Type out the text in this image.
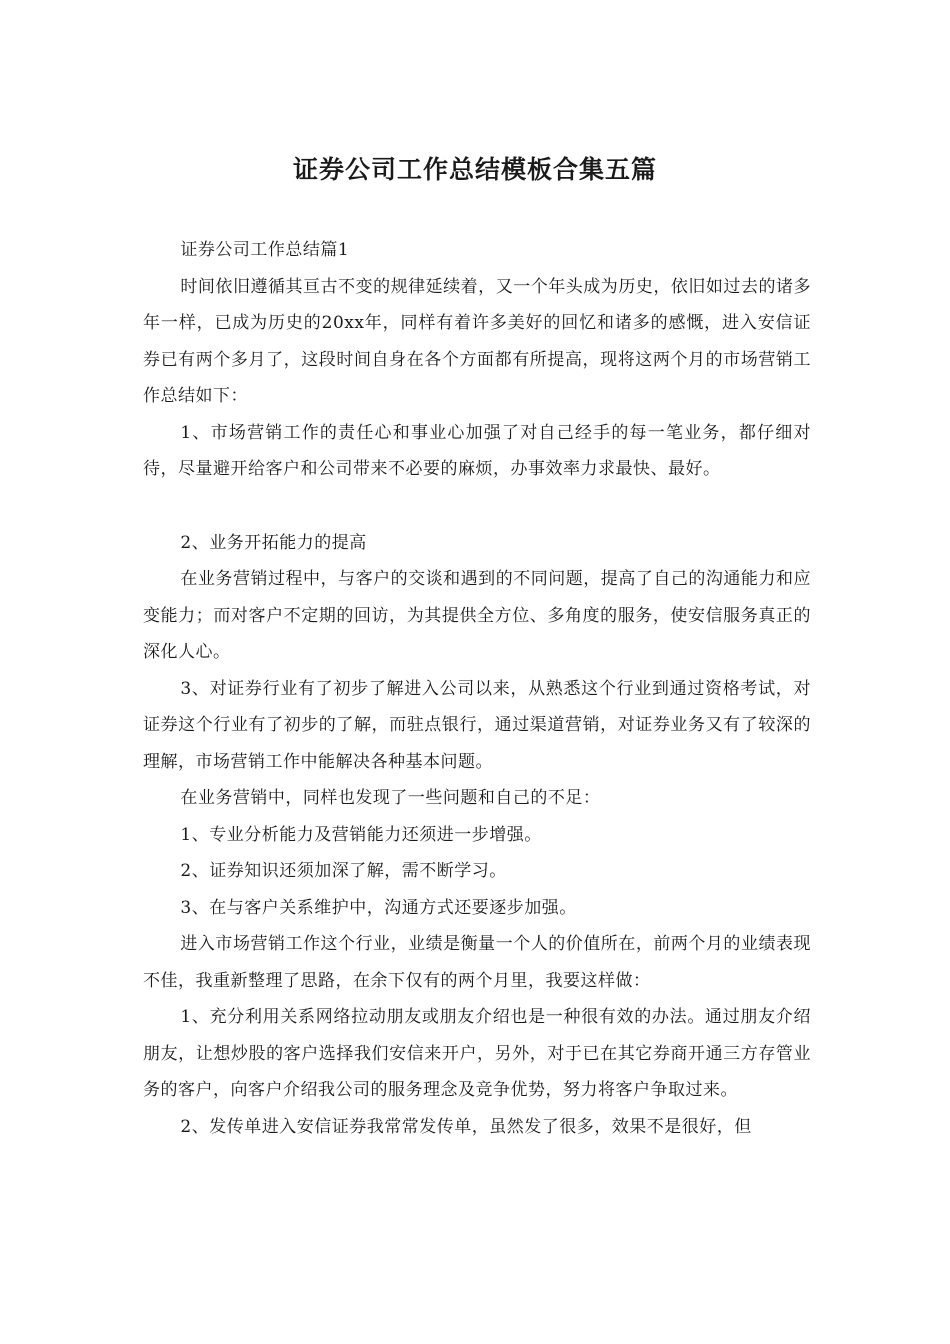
证券公司工作总结模板合集五篇

证券公司工作总结篇1

时间依旧遵循其亘古不变的规律延续着，又一个年头成为历史，依旧如过去的诸多年一样，已成为历史的20xx年，同样有着许多美好的回忆和诸多的感慨，进入安信证券已有两个多月了，这段时间自身在各个方面都有所提高，现将这两个月的市场营销工作总结如下：

1、市场营销工作的责任心和事业心加强了对自己经手的每一笔业务，都仔细对待，尽量避开给客户和公司带来不必要的麻烦，办事效率力求最快、最好。

2、业务开拓能力的提高

在业务营销过程中，与客户的交谈和遇到的不同问题，提高了自己的沟通能力和应变能力；而对客户不定期的回访，为其提供全方位、多角度的服务，使安信服务真正的深化人心。

3、对证券行业有了初步了解进入公司以来，从熟悉这个行业到通过资格考试，对证券这个行业有了初步的了解，而驻点银行，通过渠道营销，对证券业务又有了较深的理解，市场营销工作中能解决各种基本问题。

在业务营销中，同样也发现了一些问题和自己的不足：

1、专业分析能力及营销能力还须进一步增强。

2、证券知识还须加深了解，需不断学习。

3、在与客户关系维护中，沟通方式还要逐步加强。

进入市场营销工作这个行业，业绩是衡量一个人的价值所在，前两个月的业绩表现不佳，我重新整理了思路，在余下仅有的两个月里，我要这样做：

1、充分利用关系网络拉动朋友或朋友介绍也是一种很有效的办法。通过朋友介绍朋友，让想炒股的客户选择我们安信来开户，另外，对于已在其它券商开通三方存管业务的客户，向客户介绍我公司的服务理念及竞争优势，努力将客户争取过来。

2、发传单进入安信证券我常常发传单，虽然发了很多，效果不是很好，但
